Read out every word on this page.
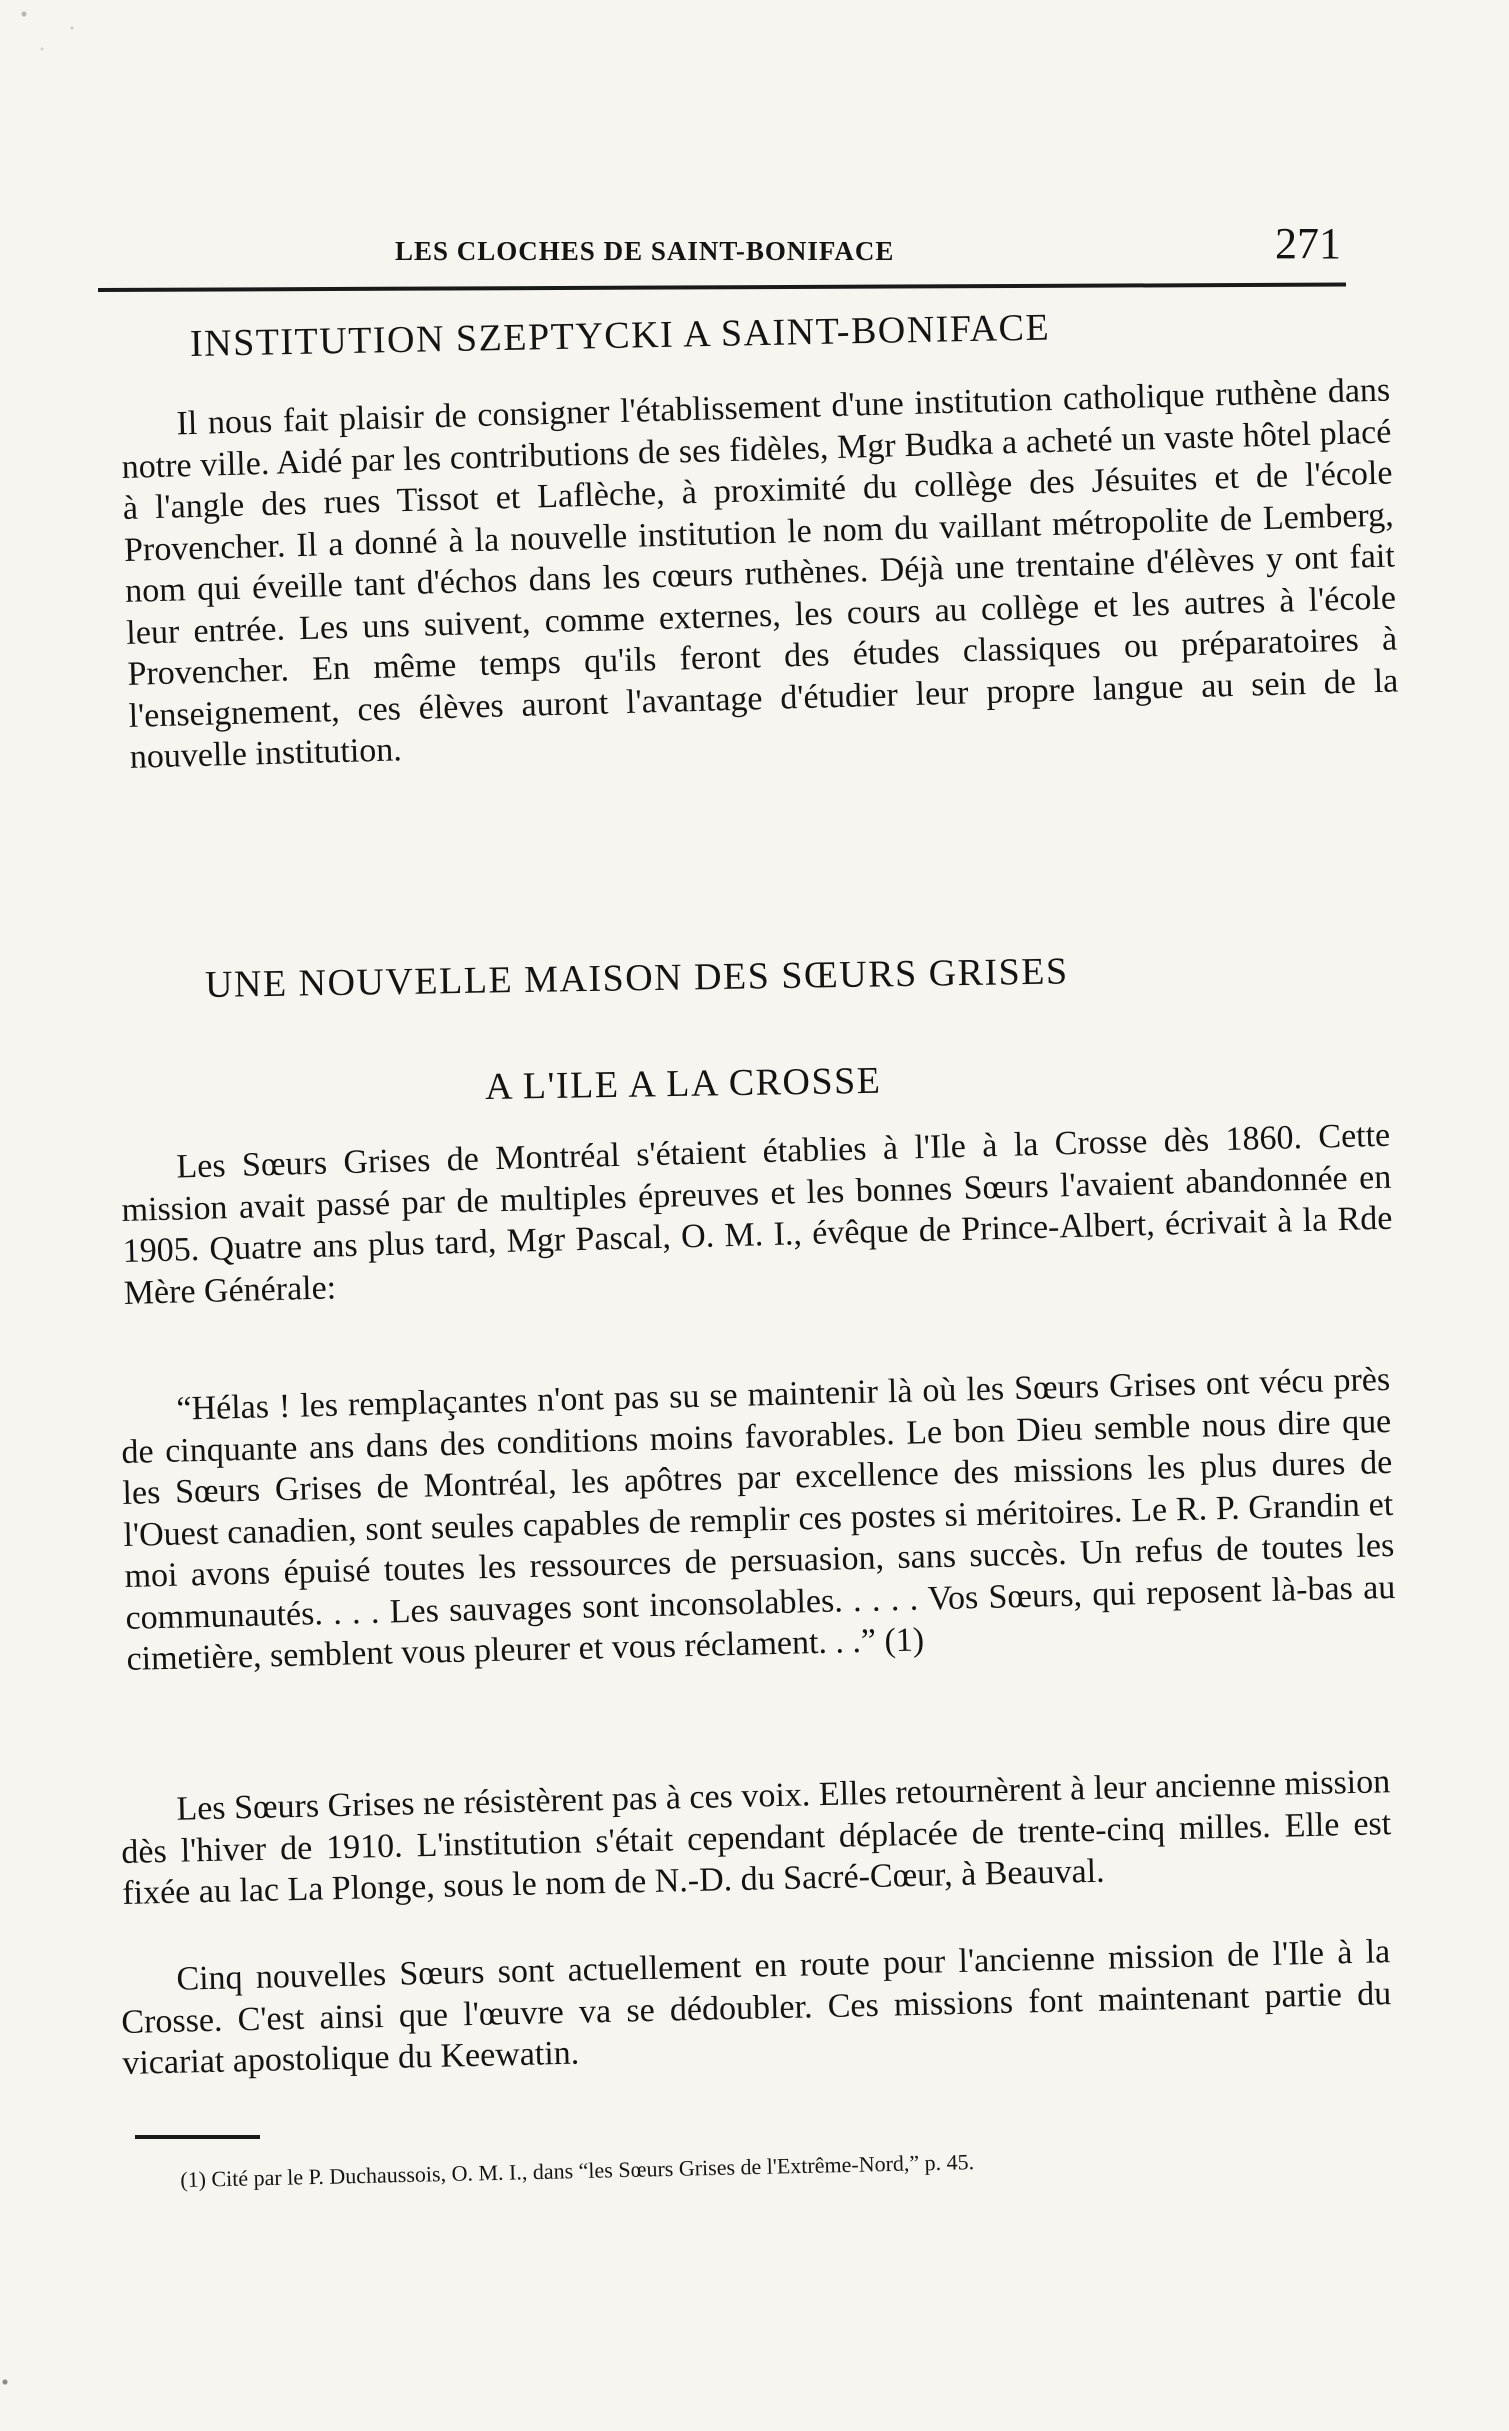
LES CLOCHES DE SAINT-BONIFACE	271
INSTITUTION SZEPTYCKI A SAINT-BONIFACE
Il nous fait plaisir de consigner l'établissement d'une institution catholique ruthène dans notre ville. Aidé par les contributions de ses fidèles, Mgr Budka a acheté un vaste hôtel placé à l'angle des rues Tissot et Laflèche, à proximité du collège des Jésuites et de l'école Provencher. Il a donné à la nouvelle institution le nom du vaillant métropolite de Lemberg, nom qui éveille tant d'échos dans les cœurs ruthènes. Déjà une trentaine d'élèves y ont fait leur entrée. Les uns suivent, comme externes, les cours au collège et les autres à l'école Provencher. En même temps qu'ils feront des études classiques ou préparatoires à l'enseignement, ces élèves auront l'avantage d'étudier leur propre langue au sein de la nouvelle institution.
UNE NOUVELLE MAISON DES SŒURS GRISES
A L'ILE A LA CROSSE
Les Sœurs Grises de Montréal s'étaient établies à l'Ile à la Crosse dès 1860. Cette mission avait passé par de multiples épreuves et les bonnes Sœurs l'avaient abandonnée en 1905. Quatre ans plus tard, Mgr Pascal, O. M. I., évêque de Prince-Albert, écrivait à la Rde Mère Générale:
“Hélas ! les remplaçantes n'ont pas su se maintenir là où les Sœurs Grises ont vécu près de cinquante ans dans des conditions moins favorables. Le bon Dieu semble nous dire que les Sœurs Grises de Montréal, les apôtres par excellence des missions les plus dures de l'Ouest canadien, sont seules capables de remplir ces postes si méritoires. Le R. P. Grandin et moi avons épuisé toutes les ressources de persuasion, sans succès. Un refus de toutes les communautés. . . . Les sauvages sont inconsolables. . . . . Vos Sœurs, qui reposent là-bas au cimetière, semblent vous pleurer et vous réclament. . .” (1)
Les Sœurs Grises ne résistèrent pas à ces voix. Elles retournèrent à leur ancienne mission dès l'hiver de 1910. L'institution s'était cependant déplacée de trente-cinq milles. Elle est fixée au lac La Plonge, sous le nom de N.-D. du Sacré-Cœur, à Beauval.
Cinq nouvelles Sœurs sont actuellement en route pour l'ancienne mission de l'Ile à la Crosse. C'est ainsi que l'œuvre va se dédoubler. Ces missions font maintenant partie du vicariat apostolique du Keewatin.
(1) Cité par le P. Duchaussois, O. M. I., dans “les Sœurs Grises de l'Extrême-Nord,” p. 45.
